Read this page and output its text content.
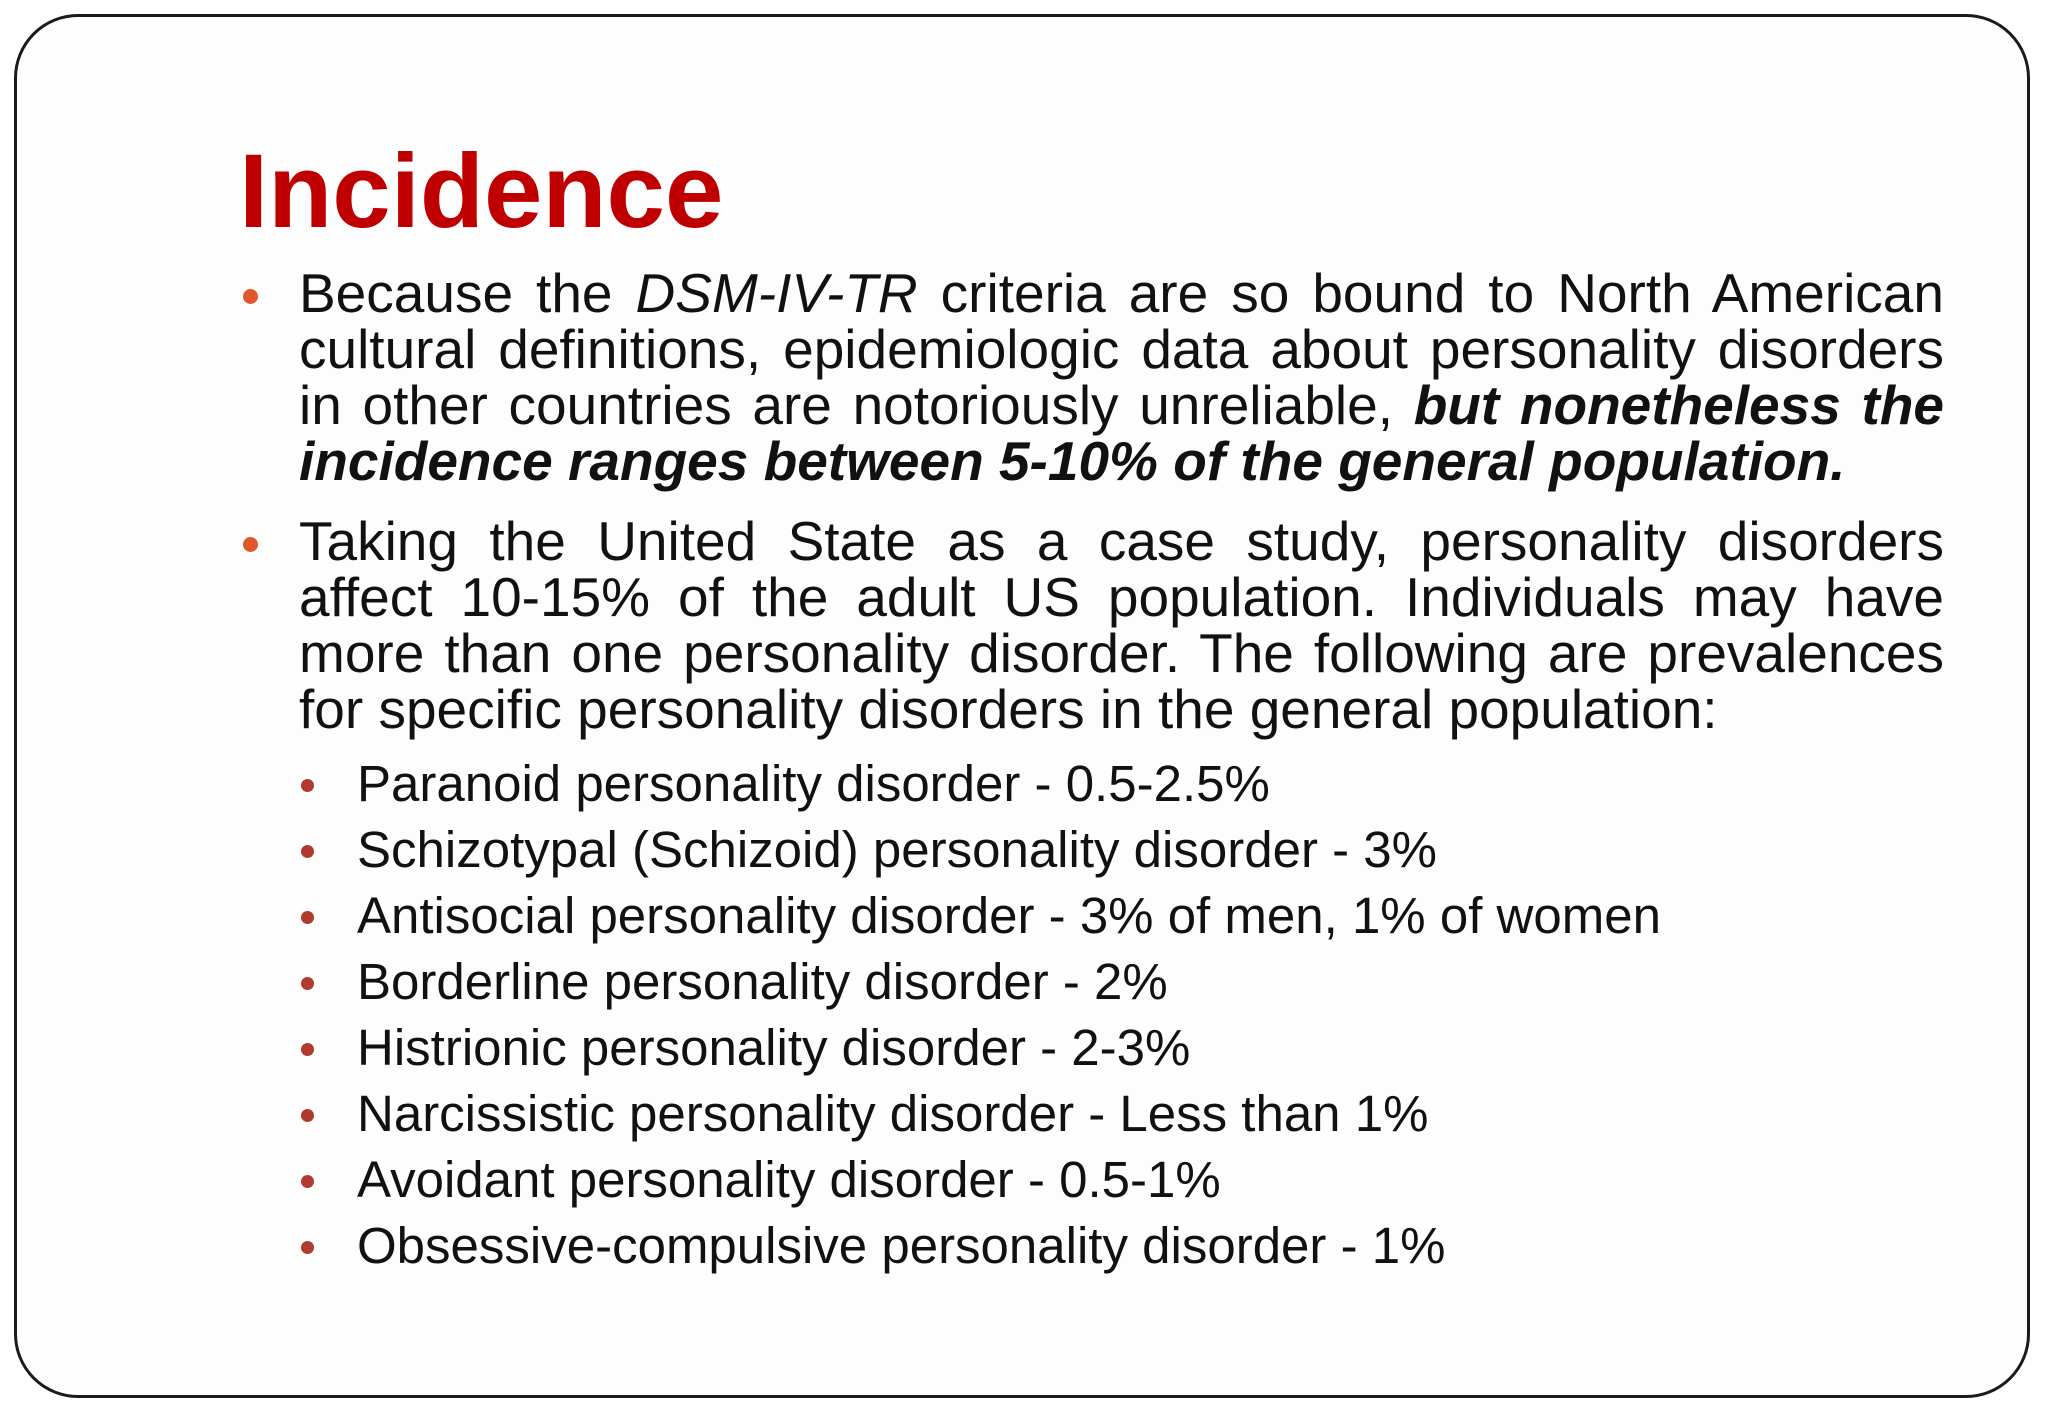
Incidence

Because the DSM-IV-TR criteria are so bound to North American cultural definitions, epidemiologic data about personality disorders in other countries are notoriously unreliable, but nonetheless the incidence ranges between 5-10% of the general population.

Taking the United State as a case study, personality disorders affect 10-15% of the adult US population. Individuals may have more than one personality disorder. The following are prevalences for specific personality disorders in the general population:

Paranoid personality disorder - 0.5-2.5%
Schizotypal (Schizoid) personality disorder - 3%
Antisocial personality disorder - 3% of men, 1% of women
Borderline personality disorder - 2%
Histrionic personality disorder - 2-3%
Narcissistic personality disorder - Less than 1%
Avoidant personality disorder - 0.5-1%
Obsessive-compulsive personality disorder - 1%
